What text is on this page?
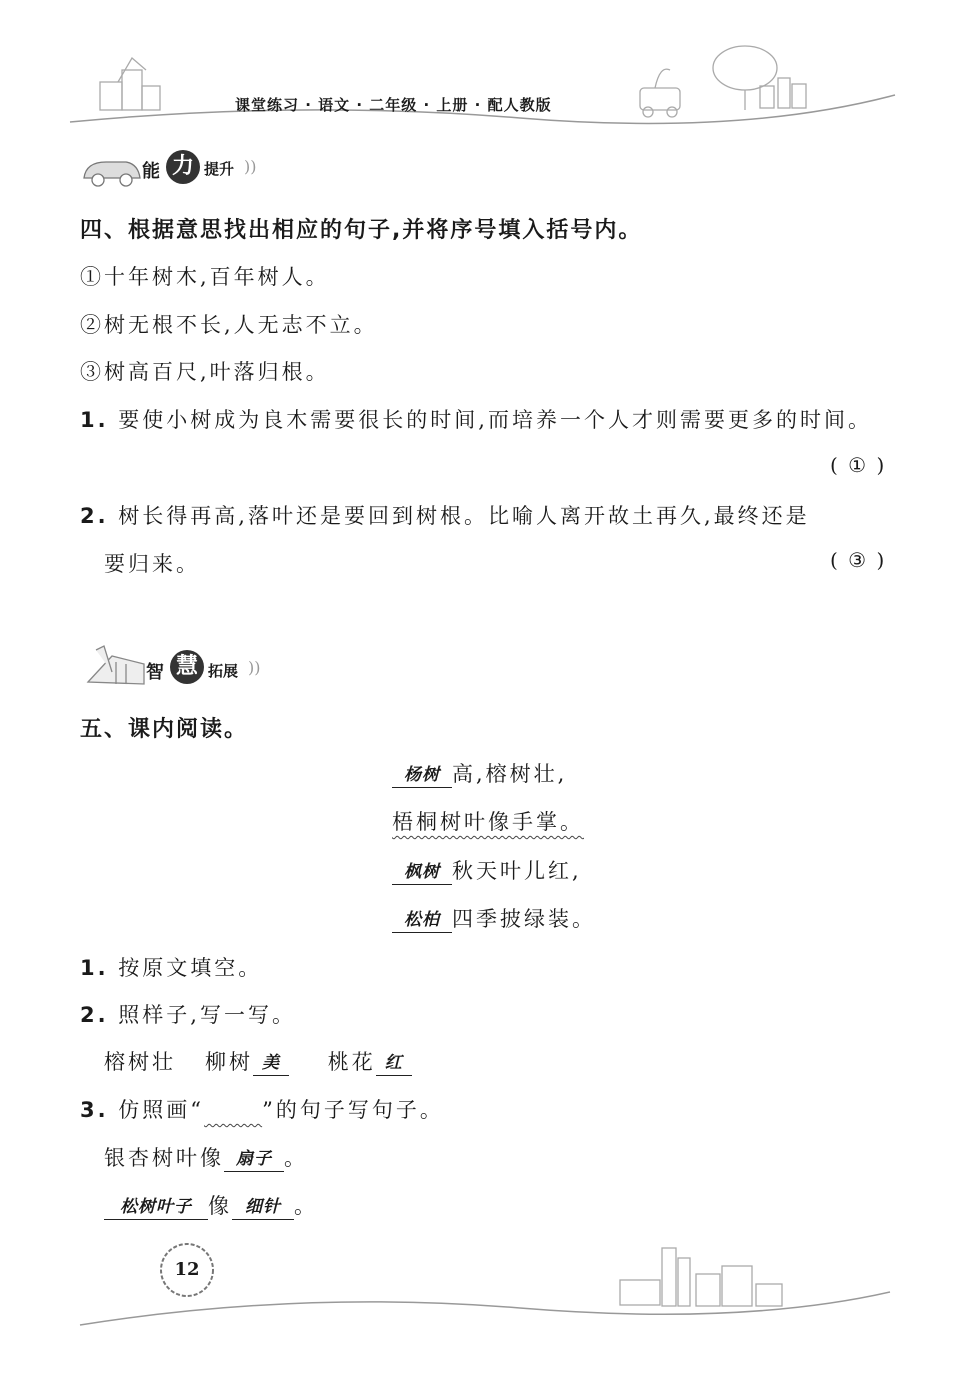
课堂练习 · 语文 · 二年级 · 上册 · 配人教版
能 力 提升 ))
四、根据意思找出相应的句子,并将序号填入括号内。
①十年树木,百年树人。
②树无根不长,人无志不立。
③树高百尺,叶落归根。
1. 要使小树成为良木需要很长的时间,而培养一个人才则需要更多的时间。
( ① )
2. 树长得再高,落叶还是要回到树根。比喻人离开故土再久,最终还是
要归来。	( ③ )
智 慧 拓展 ))
五、课内阅读。
杨树 高,榕树壮,
梧桐树叶像手掌。
枫树 秋天叶儿红,
松柏 四季披绿装。
1. 按原文填空。
2. 照样子,写一写。
榕树壮 柳树 美 桃花 红
3. 仿照画“	”的句子写句子。
银杏树叶像 扇子 。
松树叶子 像 细针 。
12
